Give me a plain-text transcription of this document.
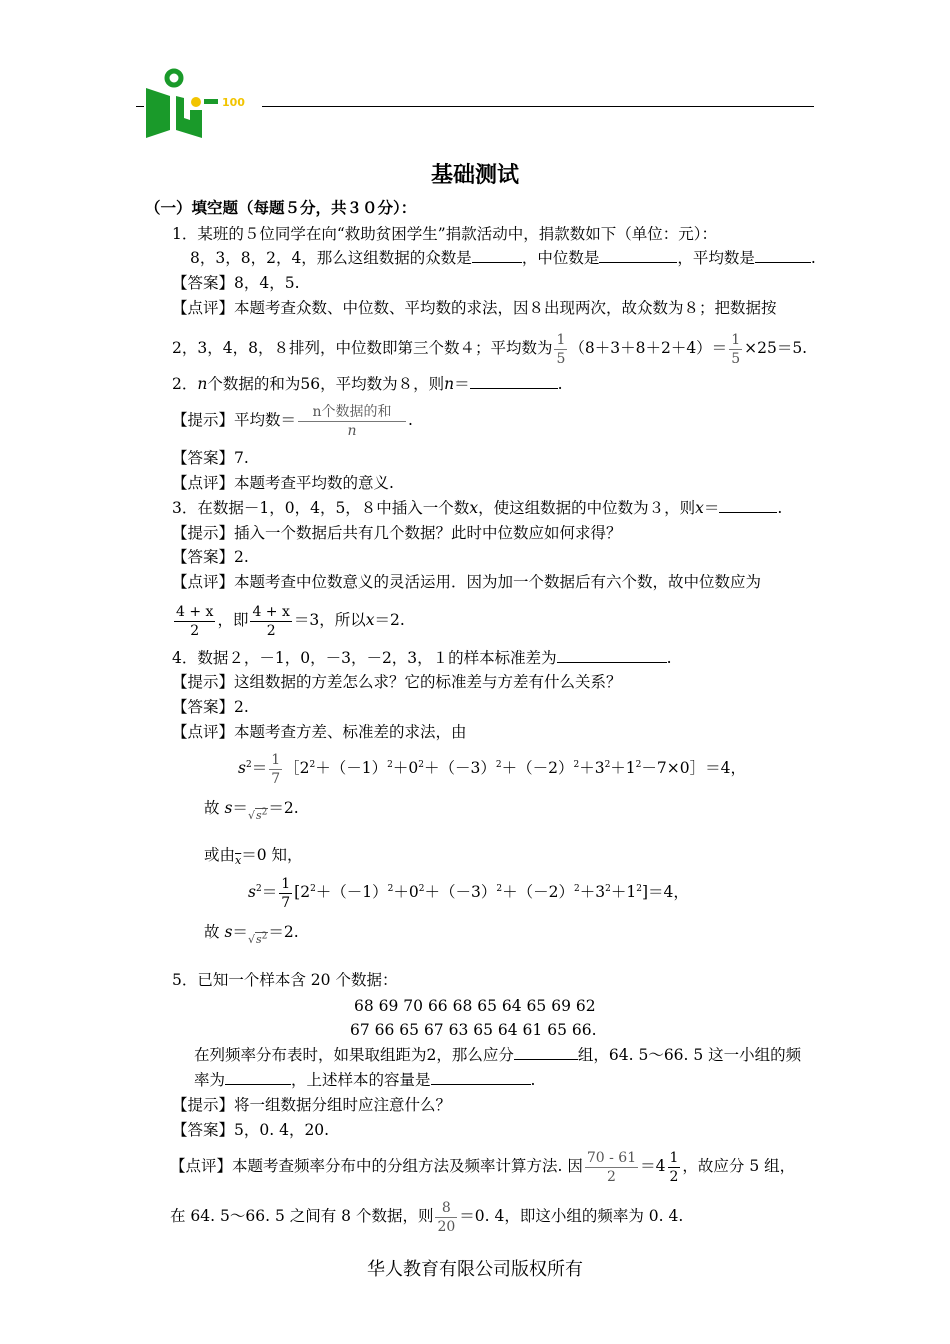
100
基础测试
（一）填空题（每题５分，共３０分）：
1．某班的５位同学在向“救助贫困学生”捐款活动中，捐款数如下（单位：元）：
8，3，8，2，4，那么这组数据的众数是	，中位数是	，平均数是	.
【答案】8，4，5.
【点评】本题考查众数、中位数、平均数的求法，因８出现两次，故众数为８；把数据按
2，3，4，8，８排列，中位数即第三个数４；平均数为 $\frac{1}{5} (8+3+8+2+4)= \frac{1}{5} \times 25=5$.
2．n个数据的和为56，平均数为８，则n＝	.
【提示】平均数＝ $\frac{\text{n个数据的和}}{n}$ .
【答案】7.
【点评】本题考查平均数的意义.
3．在数据－1，0，4，5，８中插入一个数x，使这组数据的中位数为３，则x＝	.
【提示】插入一个数据后共有几个数据？此时中位数应如何求得？
【答案】2.
【点评】本题考查中位数意义的灵活运用．因为加一个数据后有六个数，故中位数应为
$\frac{4 + x}{2}$ ，即 $\frac{4 + x}{2} =3$，所以x＝2.
4．数据２，－1，0，－3，－2，3，１的样本标准差为	.
【提示】这组数据的方差怎么求？它的标准差与方差有什么关系？
【答案】2.
【点评】本题考查方差、标准差的求法，由
$s^2= \frac{1}{7}$ $[2^2+(-1)^2+0^2+(-3)^2+(-2)^2+3^2+1^2-7\times 0]=4$，
故 $s=√s^2=2$.
或由$_{\overline{x}}$＝0 知，
$s^2= \frac{1}{7} [2^2+(-1)^2+0^2+(-3)^2+(-2)^2+3^2+1^2]=4$，
故 $s=√s^2=2$.
5．已知一个样本含 20 个数据：
68 69 70 66 68 65 64 65 69 62
67 66 65 67 63 65 64 61 65 66.
在列频率分布表时，如果取组距为2，那么应分	组，64. 5～66. 5 这一小组的频
率为	，上述样本的容量是	.
【提示】将一组数据分组时应注意什么？
【答案】5，0. 4，20.
【点评】本题考查频率分布中的分组方法及频率计算方法. 因 $\frac{70 - 61}{2} =4 \frac{1}{2}$ ，故应分 5 组，
在 64. 5～66. 5 之间有 8 个数据，则 $\frac{8}{20} =0$. 4，即这小组的频率为 0. 4.
华人教育有限公司版权所有
